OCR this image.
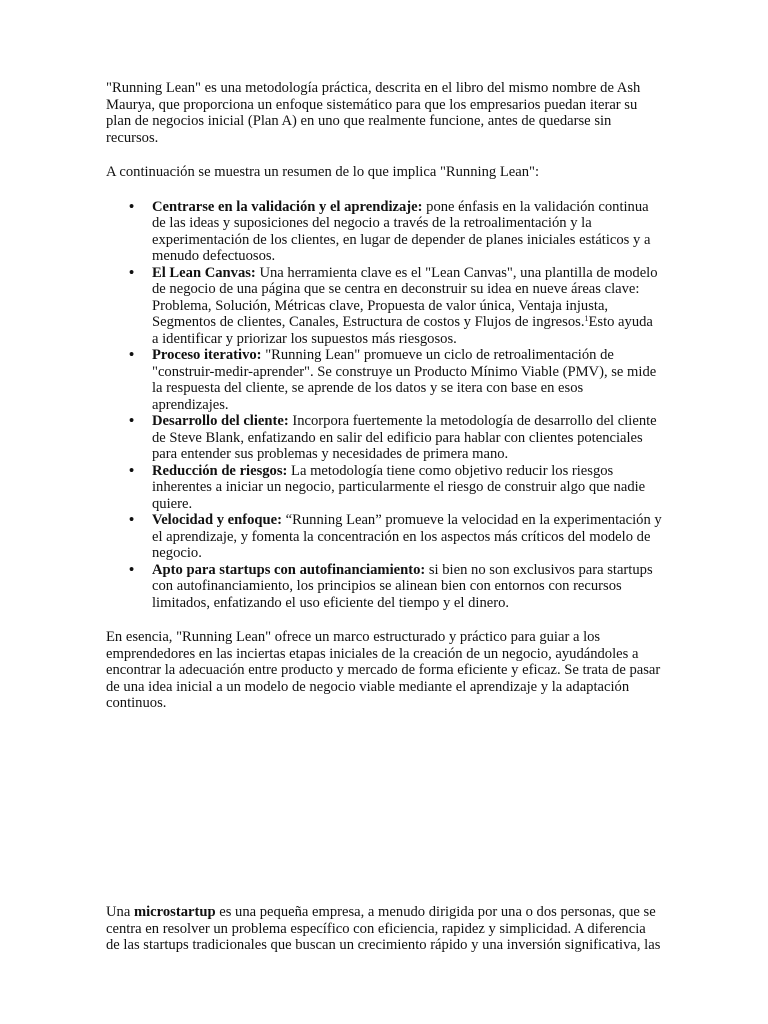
"Running Lean" es una metodología práctica, descrita en el libro del mismo nombre de Ash Maurya, que proporciona un enfoque sistemático para que los empresarios puedan iterar su plan de negocios inicial (Plan A) en uno que realmente funcione, antes de quedarse sin recursos.

A continuación se muestra un resumen de lo que implica "Running Lean":

• Centrarse en la validación y el aprendizaje: pone énfasis en la validación continua de las ideas y suposiciones del negocio a través de la retroalimentación y la experimentación de los clientes, en lugar de depender de planes iniciales estáticos y a menudo defectuosos.
• El Lean Canvas: Una herramienta clave es el "Lean Canvas", una plantilla de modelo de negocio de una página que se centra en deconstruir su idea en nueve áreas clave: Problema, Solución, Métricas clave, Propuesta de valor única, Ventaja injusta, Segmentos de clientes, Canales, Estructura de costos y Flujos de ingresos.$^1$Esto ayuda a identificar y priorizar los supuestos más riesgosos.
• Proceso iterativo: "Running Lean" promueve un ciclo de retroalimentación de "construir-medir-aprender". Se construye un Producto Mínimo Viable (PMV), se mide la respuesta del cliente, se aprende de los datos y se itera con base en esos aprendizajes.
• Desarrollo del cliente: Incorpora fuertemente la metodología de desarrollo del cliente de Steve Blank, enfatizando en salir del edificio para hablar con clientes potenciales para entender sus problemas y necesidades de primera mano.
• Reducción de riesgos: La metodología tiene como objetivo reducir los riesgos inherentes a iniciar un negocio, particularmente el riesgo de construir algo que nadie quiere.
• Velocidad y enfoque: “Running Lean” promueve la velocidad en la experimentación y el aprendizaje, y fomenta la concentración en los aspectos más críticos del modelo de negocio.
• Apto para startups con autofinanciamiento: si bien no son exclusivos para startups con autofinanciamiento, los principios se alinean bien con entornos con recursos limitados, enfatizando el uso eficiente del tiempo y el dinero.

En esencia, "Running Lean" ofrece un marco estructurado y práctico para guiar a los emprendedores en las inciertas etapas iniciales de la creación de un negocio, ayudándoles a encontrar la adecuación entre producto y mercado de forma eficiente y eficaz. Se trata de pasar de una idea inicial a un modelo de negocio viable mediante el aprendizaje y la adaptación continuos.

Una microstartup es una pequeña empresa, a menudo dirigida por una o dos personas, que se centra en resolver un problema específico con eficiencia, rapidez y simplicidad. A diferencia de las startups tradicionales que buscan un crecimiento rápido y una inversión significativa, las
